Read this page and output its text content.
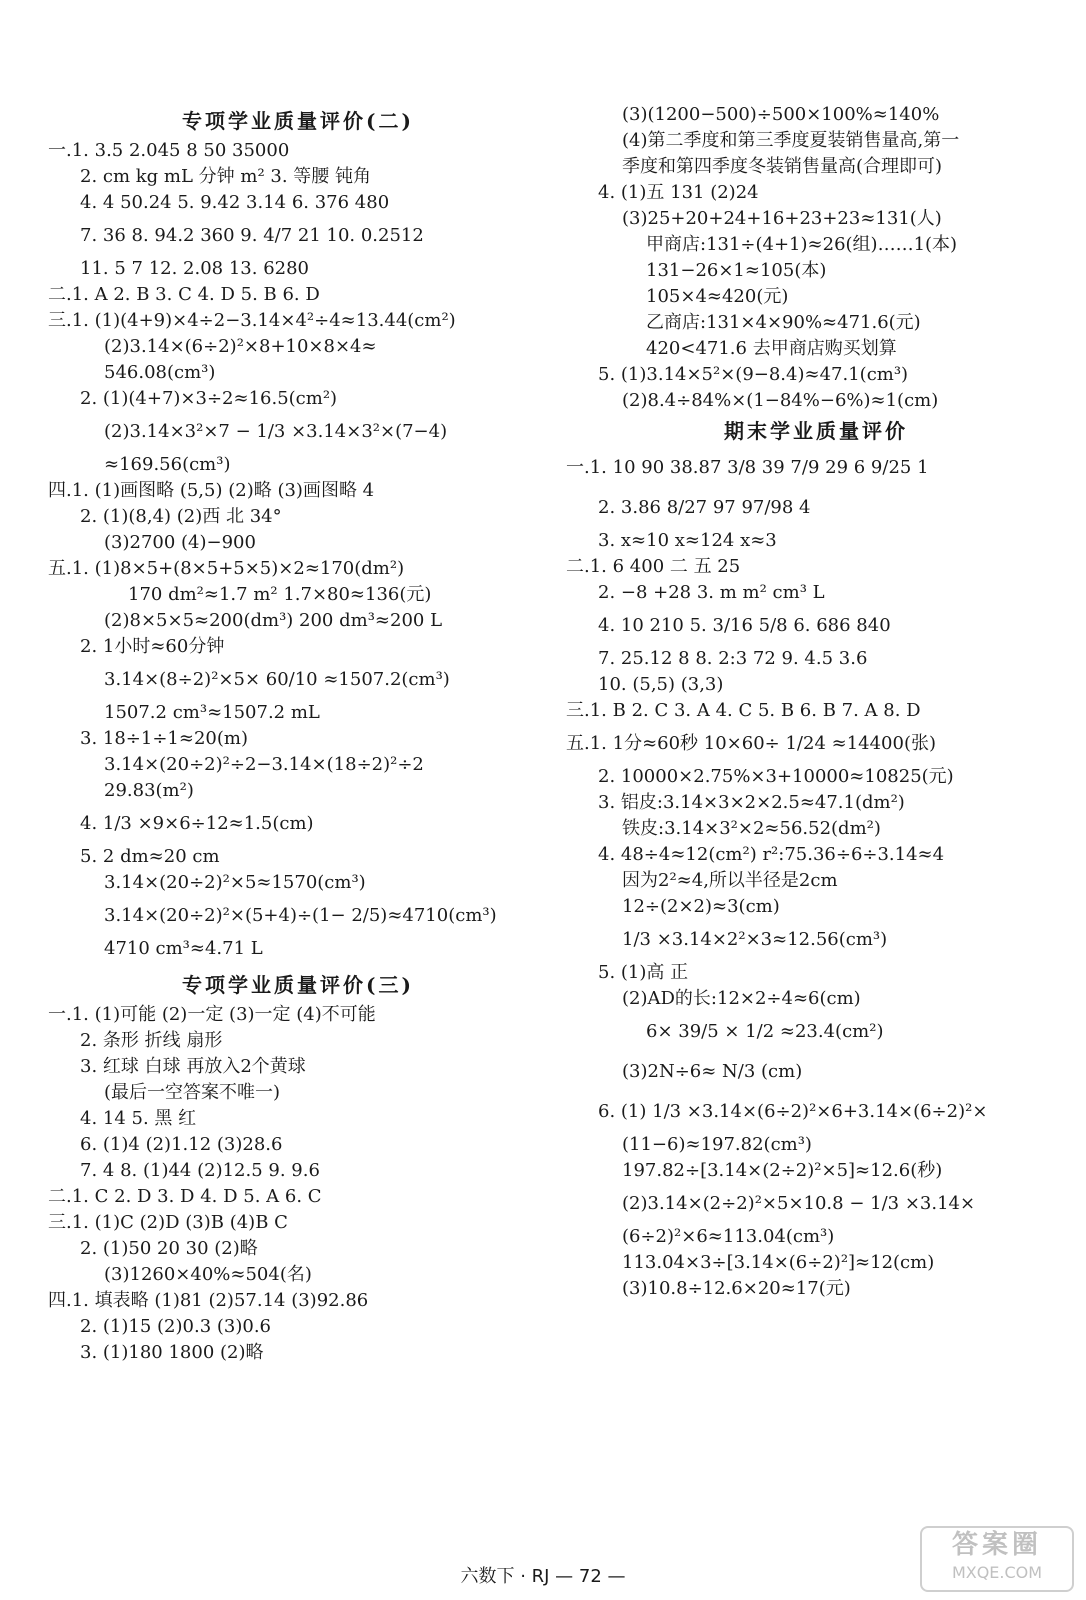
专项学业质量评价(二)
一.1. 3.5 2.045 8 50 35000
2. cm kg mL 分钟 m² 3. 等腰 钝角
4. 4 50.24 5. 9.42 3.14 6. 376 480
7. 36 8. 94.2 360 9. 4/7 21 10. 0.2512
11. 5 7 12. 2.08 13. 6280
二.1. A 2. B 3. C 4. D 5. B 6. D
三.1. (1)(4+9)×4÷2−3.14×4²÷4≈13.44(cm²)
(2)3.14×(6÷2)²×8+10×8×4≈
546.08(cm³)
2. (1)(4+7)×3÷2≈16.5(cm²)
(2)3.14×3²×7 − 1/3 ×3.14×3²×(7−4)
≈169.56(cm³)
四.1. (1)画图略 (5,5) (2)略 (3)画图略 4
2. (1)(8,4) (2)西 北 34°
(3)2700 (4)−900
五.1. (1)8×5+(8×5+5×5)×2≈170(dm²)
170 dm²≈1.7 m² 1.7×80≈136(元)
(2)8×5×5≈200(dm³) 200 dm³≈200 L
2. 1小时≈60分钟
3.14×(8÷2)²×5× 60/10 ≈1507.2(cm³)
1507.2 cm³≈1507.2 mL
3. 18÷1÷1≈20(m)
3.14×(20÷2)²÷2−3.14×(18÷2)²÷2
29.83(m²)
4. 1/3 ×9×6÷12≈1.5(cm)
5. 2 dm≈20 cm
3.14×(20÷2)²×5≈1570(cm³)
3.14×(20÷2)²×(5+4)÷(1− 2/5)≈4710(cm³)
4710 cm³≈4.71 L
专项学业质量评价(三)
一.1. (1)可能 (2)一定 (3)一定 (4)不可能
2. 条形 折线 扇形
3. 红球 白球 再放入2个黄球
(最后一空答案不唯一)
4. 14 5. 黑 红
6. (1)4 (2)1.12 (3)28.6
7. 4 8. (1)44 (2)12.5 9. 9.6
二.1. C 2. D 3. D 4. D 5. A 6. C
三.1. (1)C (2)D (3)B (4)B C
2. (1)50 20 30 (2)略
(3)1260×40%≈504(名)
四.1. 填表略 (1)81 (2)57.14 (3)92.86
2. (1)15 (2)0.3 (3)0.6
3. (1)180 1800 (2)略
(3)(1200−500)÷500×100%≈140%
(4)第二季度和第三季度夏装销售量高,第一
季度和第四季度冬装销售量高(合理即可)
4. (1)五 131 (2)24
(3)25+20+24+16+23+23≈131(人)
甲商店:131÷(4+1)≈26(组)……1(本)
131−26×1≈105(本)
105×4≈420(元)
乙商店:131×4×90%≈471.6(元)
420<471.6 去甲商店购买划算
5. (1)3.14×5²×(9−8.4)≈47.1(cm³)
(2)8.4÷84%×(1−84%−6%)≈1(cm)
期末学业质量评价
一.1. 10 90 38.87 3/8 39 7/9 29 6 9/25 1
2. 3.86 8/27 97 97/98 4
3. x≈10 x≈124 x≈3
二.1. 6 400 二 五 25
2. −8 +28 3. m m² cm³ L
4. 10 210 5. 3/16 5/8 6. 686 840
7. 25.12 8 8. 2:3 72 9. 4.5 3.6
10. (5,5) (3,3)
三.1. B 2. C 3. A 4. C 5. B 6. B 7. A 8. D
五.1. 1分≈60秒 10×60÷ 1/24 ≈14400(张)
2. 10000×2.75%×3+10000≈10825(元)
3. 铝皮:3.14×3×2×2.5≈47.1(dm²)
铁皮:3.14×3²×2≈56.52(dm²)
4. 48÷4≈12(cm²) r²:75.36÷6÷3.14≈4
因为2²≈4,所以半径是2cm
12÷(2×2)≈3(cm)
1/3 ×3.14×2²×3≈12.56(cm³)
5. (1)高 正
(2)AD的长:12×2÷4≈6(cm)
6× 39/5 × 1/2 ≈23.4(cm²)
(3)2N÷6≈ N/3 (cm)
6. (1) 1/3 ×3.14×(6÷2)²×6+3.14×(6÷2)²×
(11−6)≈197.82(cm³)
197.82÷[3.14×(2÷2)²×5]≈12.6(秒)
(2)3.14×(2÷2)²×5×10.8 − 1/3 ×3.14×
(6÷2)²×6≈113.04(cm³)
113.04×3÷[3.14×(6÷2)²]≈12(cm)
(3)10.8÷12.6×20≈17(元)
六数下 · RJ — 72 —
答案圈
MXQE.COM
